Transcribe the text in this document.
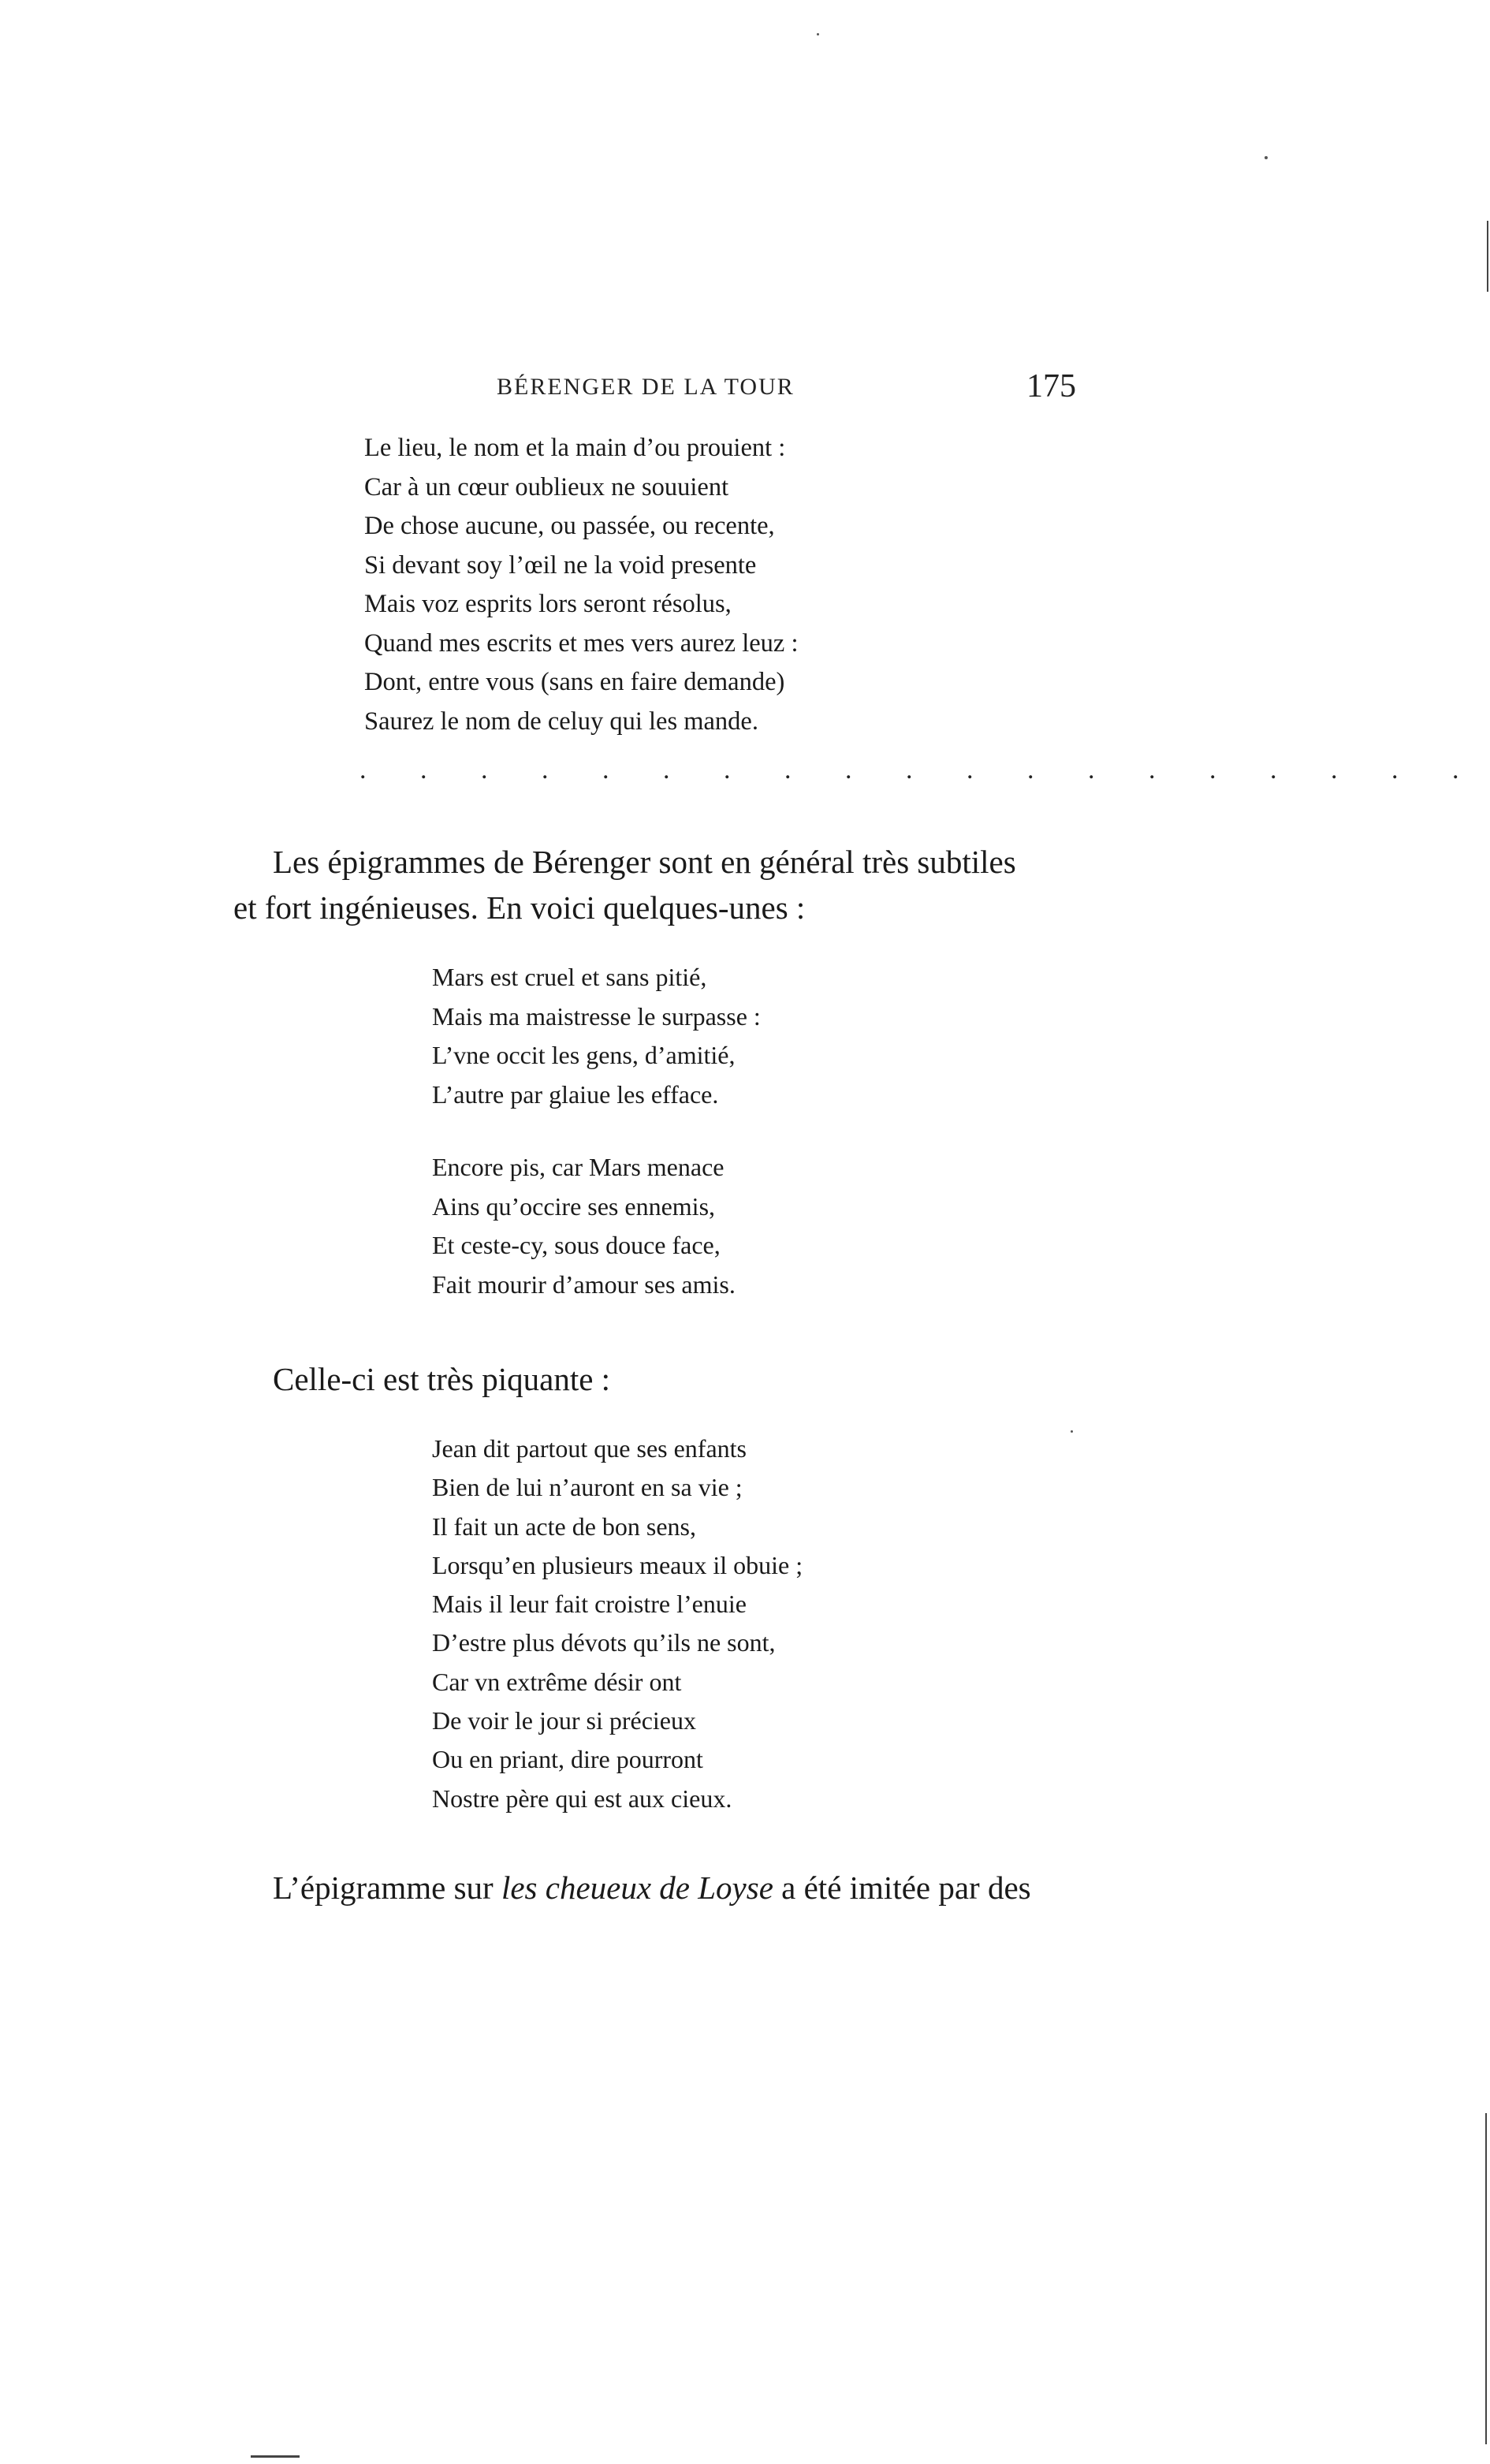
BÉRENGER DE LA TOUR	175
Le lieu, le nom et la main d’ou prouient :
Car à un cœur oublieux ne souuient
De chose aucune, ou passée, ou recente,
Si devant soy l’œil ne la void presente
Mais voz esprits lors seront résolus,
Quand mes escrits et mes vers aurez leuz :
Dont, entre vous (sans en faire demande)
Saurez le nom de celuy qui les mande.
. . . . . . . . . . . . . . . . . . .

Les épigrammes de Bérenger sont en général très subtiles

et fort ingénieuses. En voici quelques-unes :

Mars est cruel et sans pitié,
Mais ma maistresse le surpasse :
L’vne occit les gens, d’amitié,
L’autre par glaiue les efface.
Encore pis, car Mars menace
Ains qu’occire ses ennemis,
Et ceste-cy, sous douce face,
Fait mourir d’amour ses amis.

Celle-ci est très piquante :

Jean dit partout que ses enfants
Bien de lui n’auront en sa vie ;
Il fait un acte de bon sens,
Lorsqu’en plusieurs meaux il obuie ;
Mais il leur fait croistre l’enuie
D’estre plus dévots qu’ils ne sont,
Car vn extrême désir ont
De voir le jour si précieux
Ou en priant, dire pourront
Nostre père qui est aux cieux.

L’épigramme sur les cheueux de Loyse a été imitée par des
